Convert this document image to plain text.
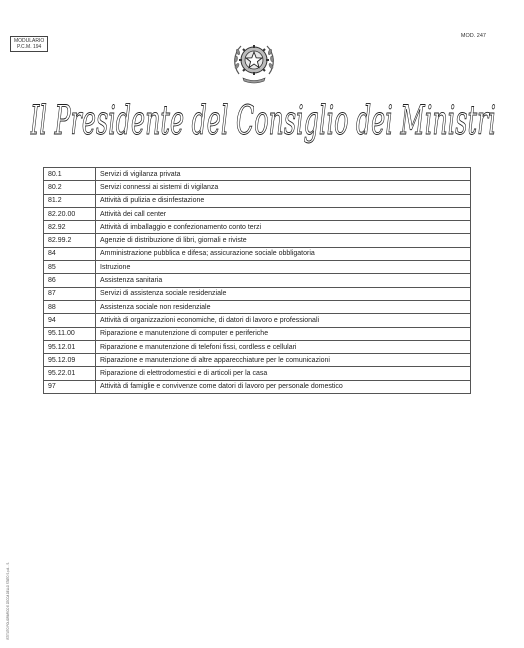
MODULARIO
P.C.M. 194
MOD. 247
Il Presidente del Consiglio dei Ministri
80.1	Servizi di vigilanza privata
80.2	Servizi connessi ai sistemi di vigilanza
81.2	Attività di pulizia e disinfestazione
82.20.00	Attività dei call center
82.92	Attività di imballaggio e confezionamento conto terzi
82.99.2	Agenzie di distribuzione di libri, giornali e riviste
84	Amministrazione pubblica e difesa; assicurazione sociale obbligatoria
85	Istruzione
86	Assistenza sanitaria
87	Servizi di assistenza sociale residenziale
88	Assistenza sociale non residenziale
94	Attività di organizzazioni economiche, di datori di lavoro e professionali
95.11.00	Riparazione e manutenzione di computer e periferiche
95.12.01	Riparazione e manutenzione di telefoni fissi, cordless e cellulari
95.12.09	Riparazione e manutenzione di altre apparecchiature per le comunicazioni
95.22.01	Riparazione di elettrodomestici e di articoli per la casa
97	Attività di famiglie e convivenze come datori di lavoro per personale domestico
ISTITUTO POLIGRAFICO E ZECCA DELLO STATO S.p.A. - S.
